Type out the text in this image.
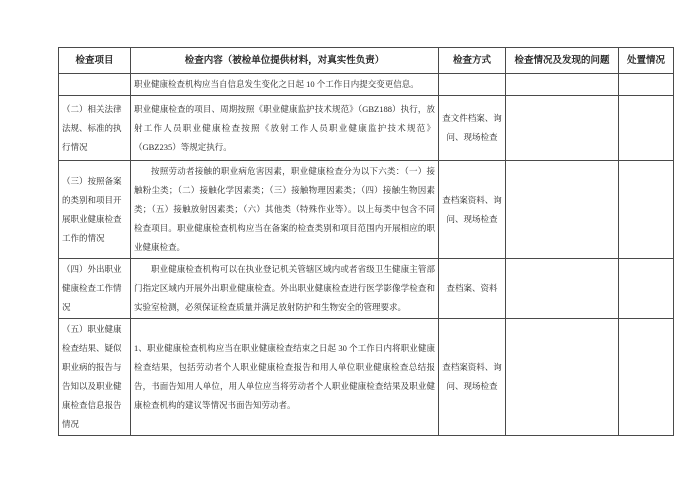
检查项目	检查内容（被检单位提供材料，对真实性负责）	检查方式	检查情况及发现的问题	处置情况
	职业健康检查机构应当自信息发生变化之日起 10 个工作日内提交变更信息。			
（二）相关法律法规、标准的执行情况	职业健康检查的项目、周期按照《职业健康监护技术规范》（GBZ188）执行，放射工作人员职业健康检查按照《放射工作人员职业健康监护技术规范》（GBZ235）等规定执行。	查文件档案、询问、现场检查		
（三）按照备案的类别和项目开展职业健康检查工作的情况	按照劳动者接触的职业病危害因素，职业健康检查分为以下六类：（一）接触粉尘类；（二）接触化学因素类；（三）接触物理因素类；（四）接触生物因素类；（五）接触放射因素类；（六）其他类（特殊作业等）。以上每类中包含不同检查项目。职业健康检查机构应当在备案的检查类别和项目范围内开展相应的职业健康检查。	查档案资料、询问、现场检查		
（四）外出职业健康检查工作情况	职业健康检查机构可以在执业登记机关管辖区域内或者省级卫生健康主管部门指定区域内开展外出职业健康检查。外出职业健康检查进行医学影像学检查和实验室检测，必须保证检查质量并满足放射防护和生物安全的管理要求。	查档案、资料		
（五）职业健康检查结果、疑似职业病的报告与告知以及职业健康检查信息报告情况	1、职业健康检查机构应当在职业健康检查结束之日起 30 个工作日内将职业健康检查结果，包括劳动者个人职业健康检查报告和用人单位职业健康检查总结报告，书面告知用人单位，用人单位应当将劳动者个人职业健康检查结果及职业健康检查机构的建议等情况书面告知劳动者。	查档案资料、询问、现场检查		
